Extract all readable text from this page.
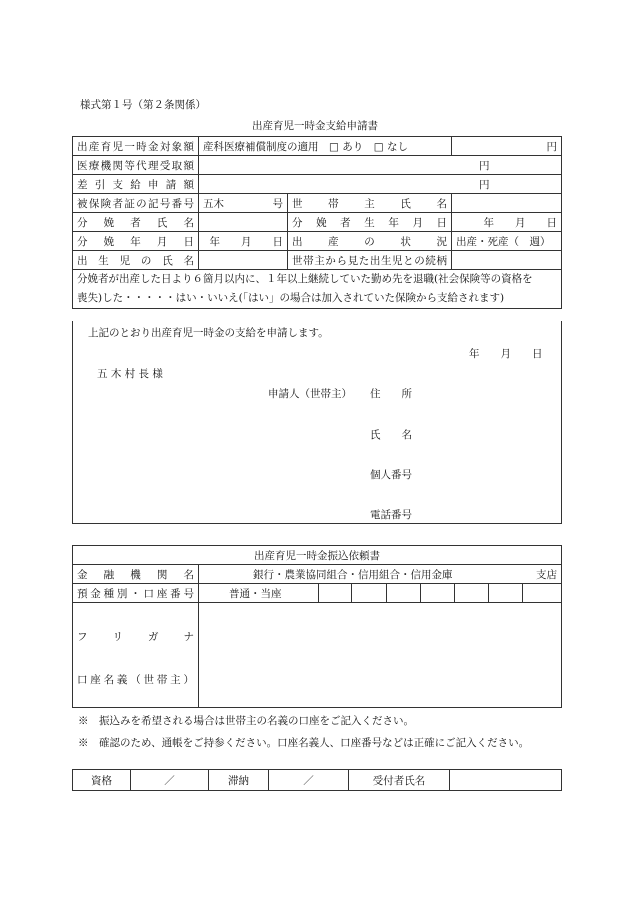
様式第１号（第２条関係）
出産育児一時金支給申請書
出産育児一時金対象額	産科医療補償制度の適用　□ あり　□ なし		円
医療機関等代理受取額	円		
差 引 支 給 申 請 額	円		
被保険者証の記号番号	五木 号	世 帯 主 氏 名	
分 娩 者 氏 名		分 娩 者 生 年 月 日	年　　月　　日
分 娩 年 月 日	年　　月　　日	出 産 の 状 況	出産・死産（　週）
出 生 児 の 氏 名		世帯主から見た出生児との続柄	

分娩者が出産した日より６箇月以内に、１年以上継続していた勤め先を退職(社会保険等の資格を
喪失)した・・・・・はい・いいえ(「はい」の場合は加入されていた保険から支給されます)			
上記のとおり出産育児一時金の支給を申請します。
年　　月　　日
五 木 村 長 様
申請人（世帯主） 住　　所
氏　　名
個人番号
電話番号
出産育児一時金振込依頼書								
金 融 機 関 名	銀行・農業協同組合・信用組合・信用金庫 支店							

預金種別・口座番号	普通・当座							

フ リ ガ ナ
口座名義（世帯主）								

※　振込みを希望される場合は世帯主の名義の口座をご記入ください。
※　確認のため、通帳をご持参ください。口座名義人、口座番号などは正確にご記入ください。
資格	／	滞納	／	受付者氏名	
